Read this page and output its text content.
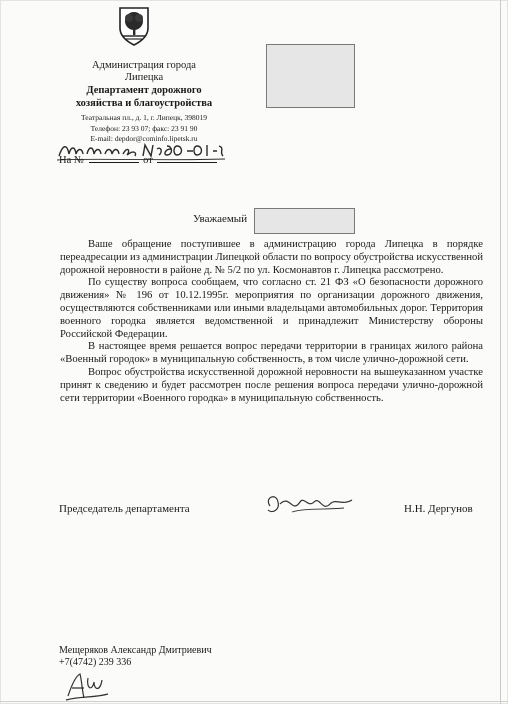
Администрация города
Липецка
Департамент дорожного
хозяйства и благоустройства
Театральная пл., д. 1, г. Липецк, 398019
Телефон: 23 93 07; факс: 23 91 90
E-mail: depdor@cominfo.lipetsk.ru
На №	от
Уважаемый

Ваше обращение поступившее в администрацию города Липецка в порядке переадресации из администрации Липецкой области по вопросу обустройства искусственной дорожной неровности в районе д. № 5/2 по ул. Космонавтов г. Липецка рассмотрено.

По существу вопроса сообщаем, что согласно ст. 21 ФЗ «О безопасности дорожного движения» № 196 от 10.12.1995г. мероприятия по организации дорожного движения, осуществляются собственниками или иными владельцами автомобильных дорог. Территория военного городка является ведомственной и принадлежит Министерству обороны Российской Федерации.

В настоящее время решается вопрос передачи территории в границах жилого района «Военный городок» в муниципальную собственность, в том числе улично-дорожной сети.

Вопрос обустройства искусственной дорожной неровности на вышеуказанном участке принят к сведению и будет рассмотрен после решения вопроса передачи улично-дорожной сети территории «Военного городка» в муниципальную собственность.

Председатель департамента	Н.Н. Дергунов
Мещеряков Александр Дмитриевич
+7(4742) 239 336
